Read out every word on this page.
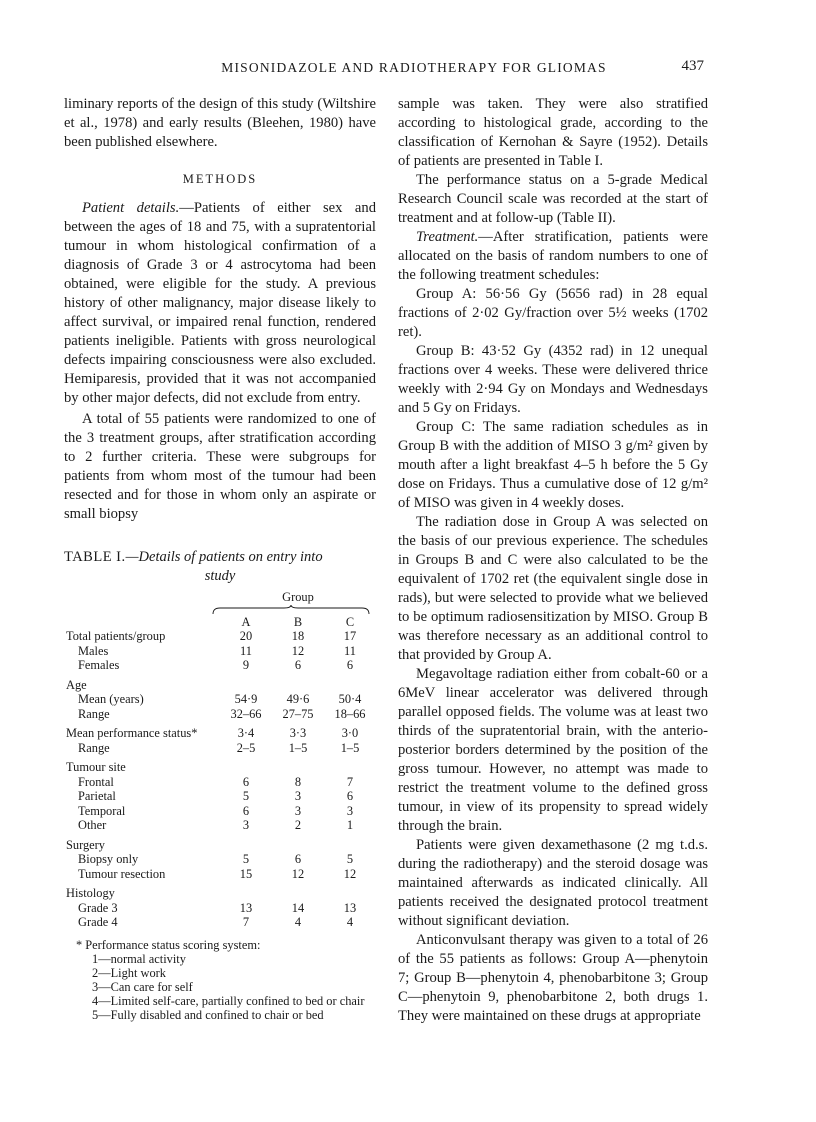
MISONIDAZOLE AND RADIOTHERAPY FOR GLIOMAS	437

liminary reports of the design of this study (Wiltshire et al., 1978) and early results (Bleehen, 1980) have been published elsewhere.

METHODS

Patient details.—Patients of either sex and between the ages of 18 and 75, with a supratentorial tumour in whom histological confirmation of a diagnosis of Grade 3 or 4 astrocytoma had been obtained, were eligible for the study. A previous history of other malignancy, major disease likely to affect survival, or impaired renal function, rendered patients ineligible. Patients with gross neurological defects impairing consciousness were also excluded. Hemiparesis, provided that it was not accompanied by other major defects, did not exclude from entry.

A total of 55 patients were randomized to one of the 3 treatment groups, after stratification according to 2 further criteria. These were subgroups for patients from whom most of the tumour had been resected and for those in whom only an aspirate or small biopsy

TABLE I.—Details of patients on entry into
study

	Group		

	A	B	C
Total patients/group	20	18	17
Males	11	12	11
Females	9	6	6
Age			
Mean (years)	54·9	49·6	50·4
Range	32–66	27–75	18–66
Mean performance status*	3·4	3·3	3·0
Range	2–5	1–5	1–5
Tumour site			
Frontal	6	8	7
Parietal	5	3	6
Temporal	6	3	3
Other	3	2	1
Surgery			
Biopsy only	5	6	5
Tumour resection	15	12	12
Histology			
Grade 3	13	14	13
Grade 4	7	4	4
* Performance status scoring system:
1—normal activity
2—Light work
3—Can care for self
4—Limited self-care, partially confined to bed or chair
5—Fully disabled and confined to chair or bed

sample was taken. They were also stratified according to histological grade, according to the classification of Kernohan & Sayre (1952). Details of patients are presented in Table I.

The performance status on a 5-grade Medical Research Council scale was recorded at the start of treatment and at follow-up (Table II).

Treatment.—After stratification, patients were allocated on the basis of random numbers to one of the following treatment schedules:

Group A: 56·56 Gy (5656 rad) in 28 equal fractions of 2·02 Gy/fraction over 5½ weeks (1702 ret).

Group B: 43·52 Gy (4352 rad) in 12 unequal fractions over 4 weeks. These were delivered thrice weekly with 2·94 Gy on Mondays and Wednesdays and 5 Gy on Fridays.

Group C: The same radiation schedules as in Group B with the addition of MISO 3 g/m² given by mouth after a light breakfast 4–5 h before the 5 Gy dose on Fridays. Thus a cumulative dose of 12 g/m² of MISO was given in 4 weekly doses.

The radiation dose in Group A was selected on the basis of our previous experience. The schedules in Groups B and C were also calculated to be the equivalent of 1702 ret (the equivalent single dose in rads), but were selected to provide what we believed to be optimum radiosensitization by MISO. Group B was therefore necessary as an additional control to that provided by Group A.

Megavoltage radiation either from cobalt-60 or a 6MeV linear accelerator was delivered through parallel opposed fields. The volume was at least two thirds of the supratentorial brain, with the anterio-posterior borders determined by the position of the gross tumour. However, no attempt was made to restrict the treatment volume to the defined gross tumour, in view of its propensity to spread widely through the brain.

Patients were given dexamethasone (2 mg t.d.s. during the radiotherapy) and the steroid dosage was maintained afterwards as indicated clinically. All patients received the designated protocol treatment without significant deviation.

Anticonvulsant therapy was given to a total of 26 of the 55 patients as follows: Group A—phenytoin 7; Group B—phenytoin 4, phenobarbitone 3; Group C—phenytoin 9, phenobarbitone 2, both drugs 1. They were maintained on these drugs at appropriate
